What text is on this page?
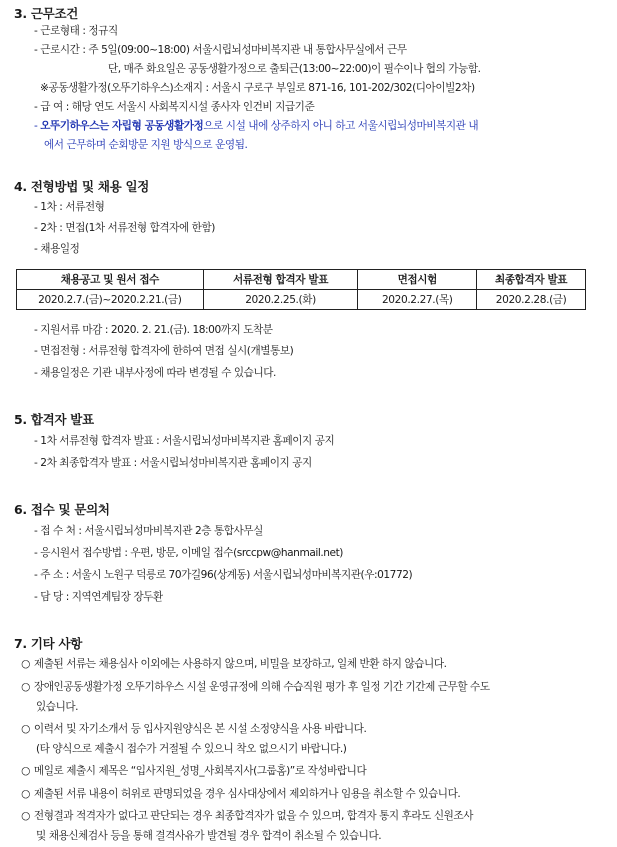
3. 근무조건
- 근로형태 : 정규직
- 근로시간 : 주 5일(09:00~18:00) 서울시립뇌성마비복지관 내 통합사무실에서 근무
단, 매주 화요일은 공동생활가정으로 출퇴근(13:00~22:00)이 필수이나 협의 가능함.
※공동생활가정(오뚜기하우스)소재지 : 서울시 구로구 부일로 871-16, 101-202/302(디아이빌2차)
- 급 여 : 해당 연도 서울시 사회복지시설 종사자 인건비 지급기준
- 오뚜기하우스는 자립형 공동생활가정으로 시설 내에 상주하지 아니 하고 서울시립뇌성마비복지관 내
에서 근무하며 순회방문 지원 방식으로 운영됨.
4. 전형방법 및 채용 일정
- 1차 : 서류전형
- 2차 : 면접(1차 서류전형 합격자에 한함)
- 채용일정
채용공고 및 원서 접수	서류전형 합격자 발표	면접시험	최종합격자 발표
2020.2.7.(금)~2020.2.21.(금)	2020.2.25.(화)	2020.2.27.(목)	2020.2.28.(금)
- 지원서류 마감 : 2020. 2. 21.(금). 18:00까지 도착분
- 면접전형 : 서류전형 합격자에 한하여 면접 실시(개별통보)
- 채용일정은 기관 내부사정에 따라 변경될 수 있습니다.
5. 합격자 발표
- 1차 서류전형 합격자 발표 : 서울시립뇌성마비복지관 홈페이지 공지
- 2차 최종합격자 발표 : 서울시립뇌성마비복지관 홈페이지 공지
6. 접수 및 문의처
- 접 수 처 : 서울시립뇌성마비복지관 2층 통합사무실
- 응시원서 접수방법 : 우편, 방문, 이메일 접수(srccpw@hanmail.net)
- 주 소 : 서울시 노원구 덕릉로 70가길96(상계동) 서울시립뇌성마비복지관(우:01772)
- 담 당 : 지역연계팀장 장두환
7. 기타 사항
○ 제출된 서류는 채용심사 이외에는 사용하지 않으며, 비밀을 보장하고, 일체 반환 하지 않습니다.
○ 장애인공동생활가정 오뚜기하우스 시설 운영규정에 의해 수습직원 평가 후 일정 기간 기간제 근무할 수도
있습니다.
○ 이력서 및 자기소개서 등 입사지원양식은 본 시설 소정양식을 사용 바랍니다.
(타 양식으로 제출시 접수가 거절될 수 있으니 착오 없으시기 바랍니다.)
○ 메일로 제출시 제목은 “입사지원_성명_사회복지사(그룹홈)”로 작성바랍니다
○ 제출된 서류 내용이 허위로 판명되었을 경우 심사대상에서 제외하거나 임용을 취소할 수 있습니다.
○ 전형결과 적격자가 없다고 판단되는 경우 최종합격자가 없을 수 있으며, 합격자 통지 후라도 신원조사
및 채용신체검사 등을 통해 결격사유가 발견될 경우 합격이 취소될 수 있습니다.
